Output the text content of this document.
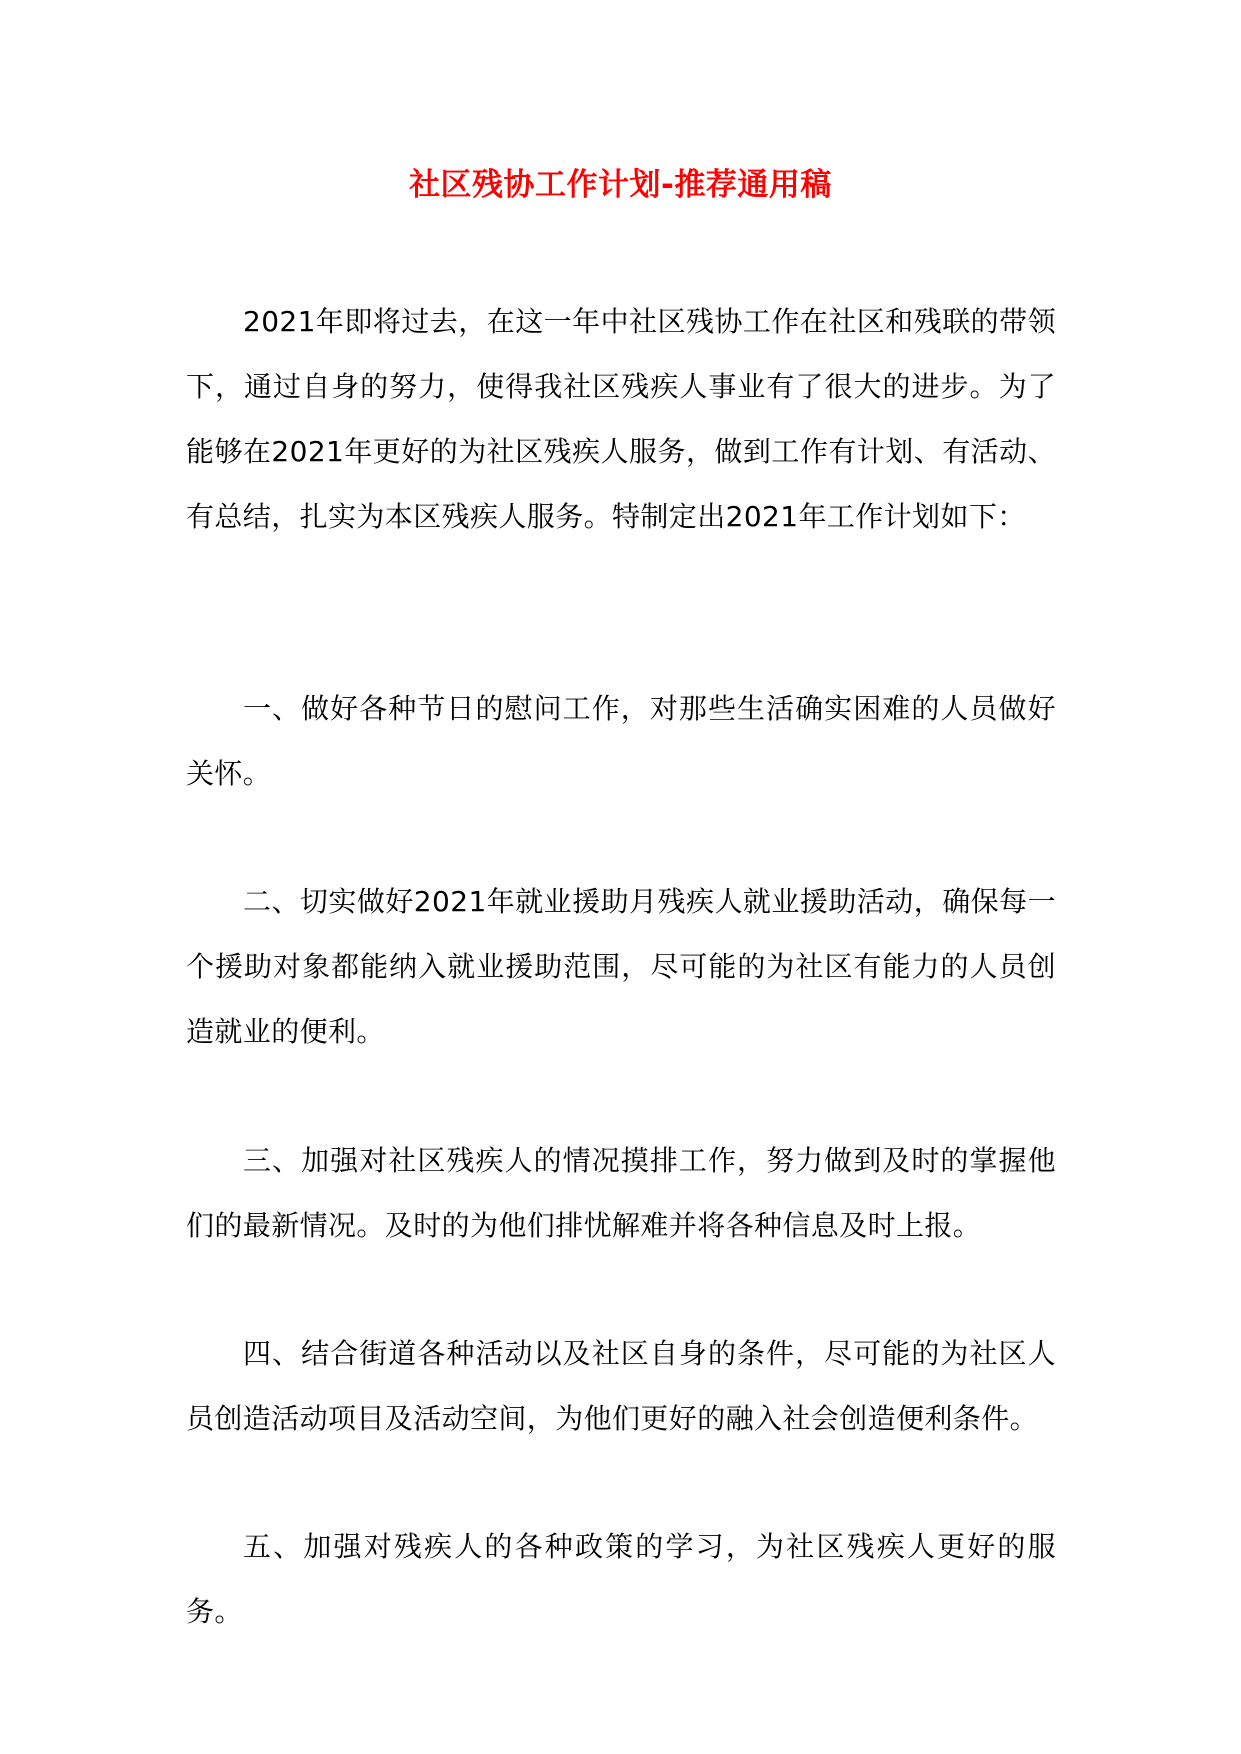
社区残协工作计划-推荐通用稿

2021年即将过去，在这一年中社区残协工作在社区和残联的带领下，通过自身的努力，使得我社区残疾人事业有了很大的进步。为了能够在2021年更好的为社区残疾人服务，做到工作有计划、有活动、有总结，扎实为本区残疾人服务。特制定出2021年工作计划如下：

一、做好各种节日的慰问工作，对那些生活确实困难的人员做好关怀。

二、切实做好2021年就业援助月残疾人就业援助活动，确保每一个援助对象都能纳入就业援助范围，尽可能的为社区有能力的人员创造就业的便利。

三、加强对社区残疾人的情况摸排工作，努力做到及时的掌握他们的最新情况。及时的为他们排忧解难并将各种信息及时上报。

四、结合街道各种活动以及社区自身的条件，尽可能的为社区人员创造活动项目及活动空间，为他们更好的融入社会创造便利条件。

五、加强对残疾人的各种政策的学习，为社区残疾人更好的服务。
